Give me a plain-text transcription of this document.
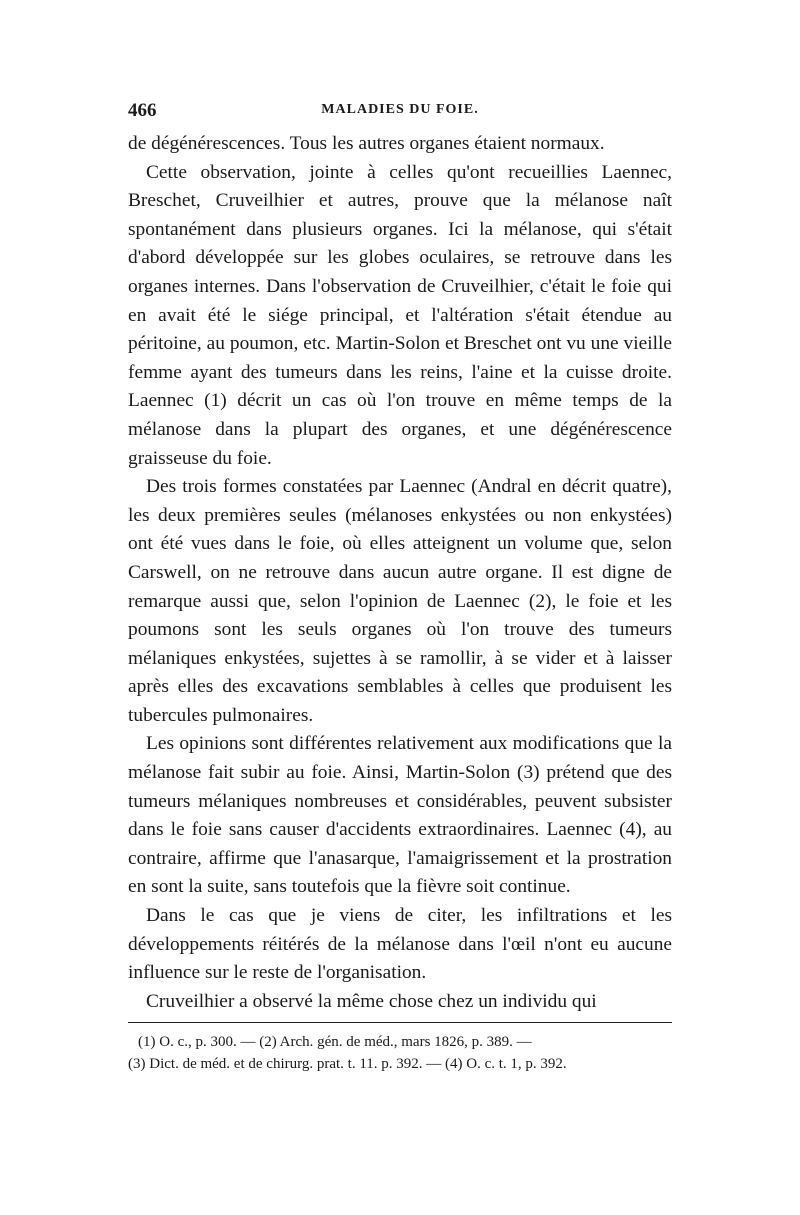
466	MALADIES DU FOIE.

de dégénérescences. Tous les autres organes étaient normaux.

Cette observation, jointe à celles qu'ont recueillies Laennec, Breschet, Cruveilhier et autres, prouve que la mélanose naît spontanément dans plusieurs organes. Ici la mélanose, qui s'était d'abord développée sur les globes oculaires, se retrouve dans les organes internes. Dans l'observation de Cruveilhier, c'était le foie qui en avait été le siége principal, et l'altération s'était étendue au péritoine, au poumon, etc. Martin-Solon et Breschet ont vu une vieille femme ayant des tumeurs dans les reins, l'aine et la cuisse droite. Laennec (1) décrit un cas où l'on trouve en même temps de la mélanose dans la plupart des organes, et une dégénérescence graisseuse du foie.

Des trois formes constatées par Laennec (Andral en décrit quatre), les deux premières seules (mélanoses enkystées ou non enkystées) ont été vues dans le foie, où elles atteignent un volume que, selon Carswell, on ne retrouve dans aucun autre organe. Il est digne de remarque aussi que, selon l'opinion de Laennec (2), le foie et les poumons sont les seuls organes où l'on trouve des tumeurs mélaniques enkystées, sujettes à se ramollir, à se vider et à laisser après elles des excavations semblables à celles que produisent les tubercules pulmonaires.

Les opinions sont différentes relativement aux modifications que la mélanose fait subir au foie. Ainsi, Martin-Solon (3) prétend que des tumeurs mélaniques nombreuses et considérables, peuvent subsister dans le foie sans causer d'accidents extraordinaires. Laennec (4), au contraire, affirme que l'anasarque, l'amaigrissement et la prostration en sont la suite, sans toutefois que la fièvre soit continue.

Dans le cas que je viens de citer, les infiltrations et les développements réitérés de la mélanose dans l'œil n'ont eu aucune influence sur le reste de l'organisation.

Cruveilhier a observé la même chose chez un individu qui

(1) O. c., p. 300. — (2) Arch. gén. de méd., mars 1826, p. 389. —

(3) Dict. de méd. et de chirurg. prat. t. 11. p. 392. — (4) O. c. t. 1, p. 392.
